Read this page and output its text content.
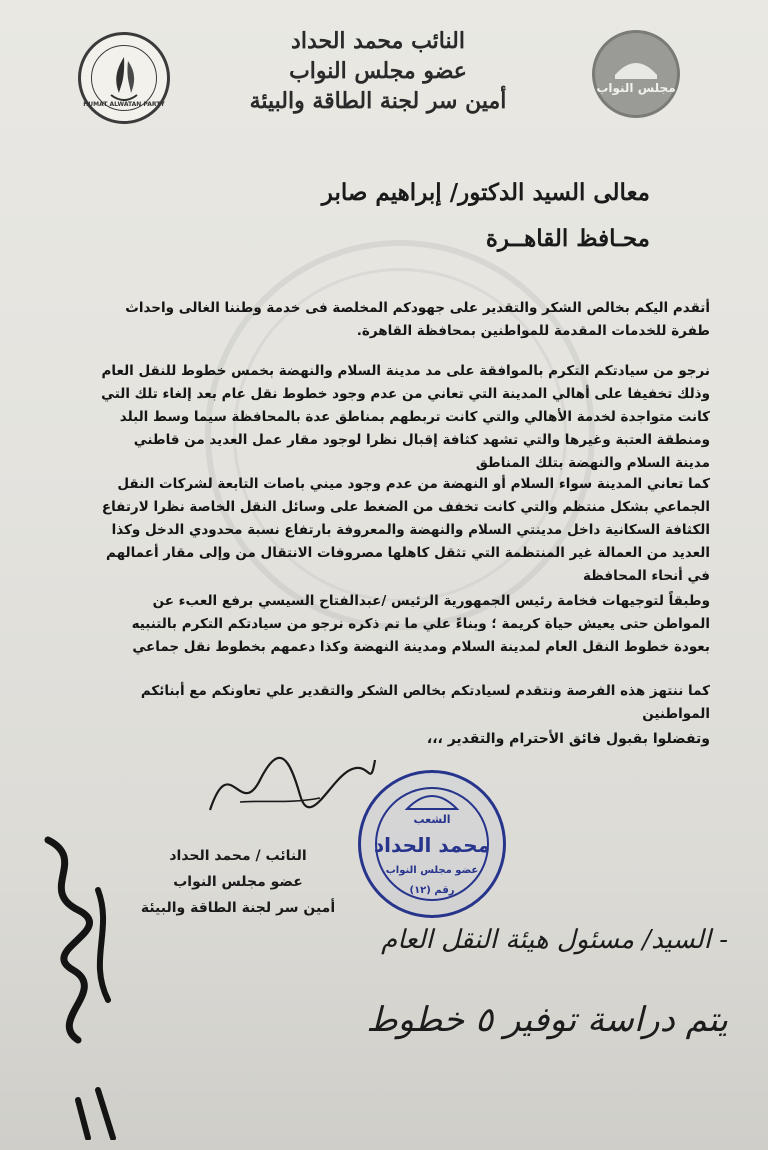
HUMAT ALWATAN PARTY
النائب محمد الحداد
عضو مجلس النواب
أمين سر لجنة الطاقة والبيئة	مجلس النواب
معالى السيد الدكتور/ إبراهيم صابر
محـافظ القاهــرة
أتقدم اليكم بخالص الشكر والتقدير على جهودكم المخلصة فى خدمة وطننا الغالى واحداث طفرة للخدمات المقدمة للمواطنين بمحافظة القاهرة.
نرجو من سيادتكم التكرم بالموافقة على مد مدينة السلام والنهضة بخمس خطوط للنقل العام وذلك تخفيفا على أهالي المدينة التي تعاني من عدم وجود خطوط نقل عام بعد إلغاء تلك التي كانت متواجدة لخدمة الأهالي والتي كانت تربطهم بمناطق عدة بالمحافظة سيما وسط البلد ومنطقة العتبة وغيرها والتي تشهد كثافة إقبال نظرا لوجود مقار عمل العديد من قاطني مدينة السلام والنهضة بتلك المناطق
كما تعاني المدينة سواء السلام أو النهضة من عدم وجود ميني باصات التابعة لشركات النقل الجماعي بشكل منتظم والتي كانت تخفف من الضغط على وسائل النقل الخاصة نظرا لارتفاع الكثافة السكانية داخل مدينتي السلام والنهضة والمعروفة بارتفاع نسبة محدودي الدخل وكذا العديد من العمالة غير المنتظمة التي تثقل كاهلها مصروفات الانتقال من وإلى مقار أعمالهم في أنحاء المحافظة
وطبقاً لتوجيهات فخامة رئيس الجمهورية الرئيس /عبدالفتاح السيسي برفع العبء عن المواطن حتى يعيش حياة كريمة ؛ وبناءً علي ما تم ذكره نرجو من سيادتكم التكرم بالتنبيه بعودة خطوط النقل العام لمدينة السلام ومدينة النهضة وكذا دعمهم بخطوط نقل جماعي
كما ننتهز هذه الفرصة ونتقدم لسيادتكم بخالص الشكر والتقدير علي تعاونكم مع أبنائكم المواطنين
وتفضلوا بقبول فائق الأحترام والتقدير ،،،
النائب / محمد الحداد
عضو مجلس النواب
أمين سر لجنة الطاقة والبيئة
الشعب
محمد الحداد
عضو مجلس النواب
رقم (١٢)
- السيد/ مسئول هيئة النقل العام
يتم دراسة توفير ٥ خطوط
